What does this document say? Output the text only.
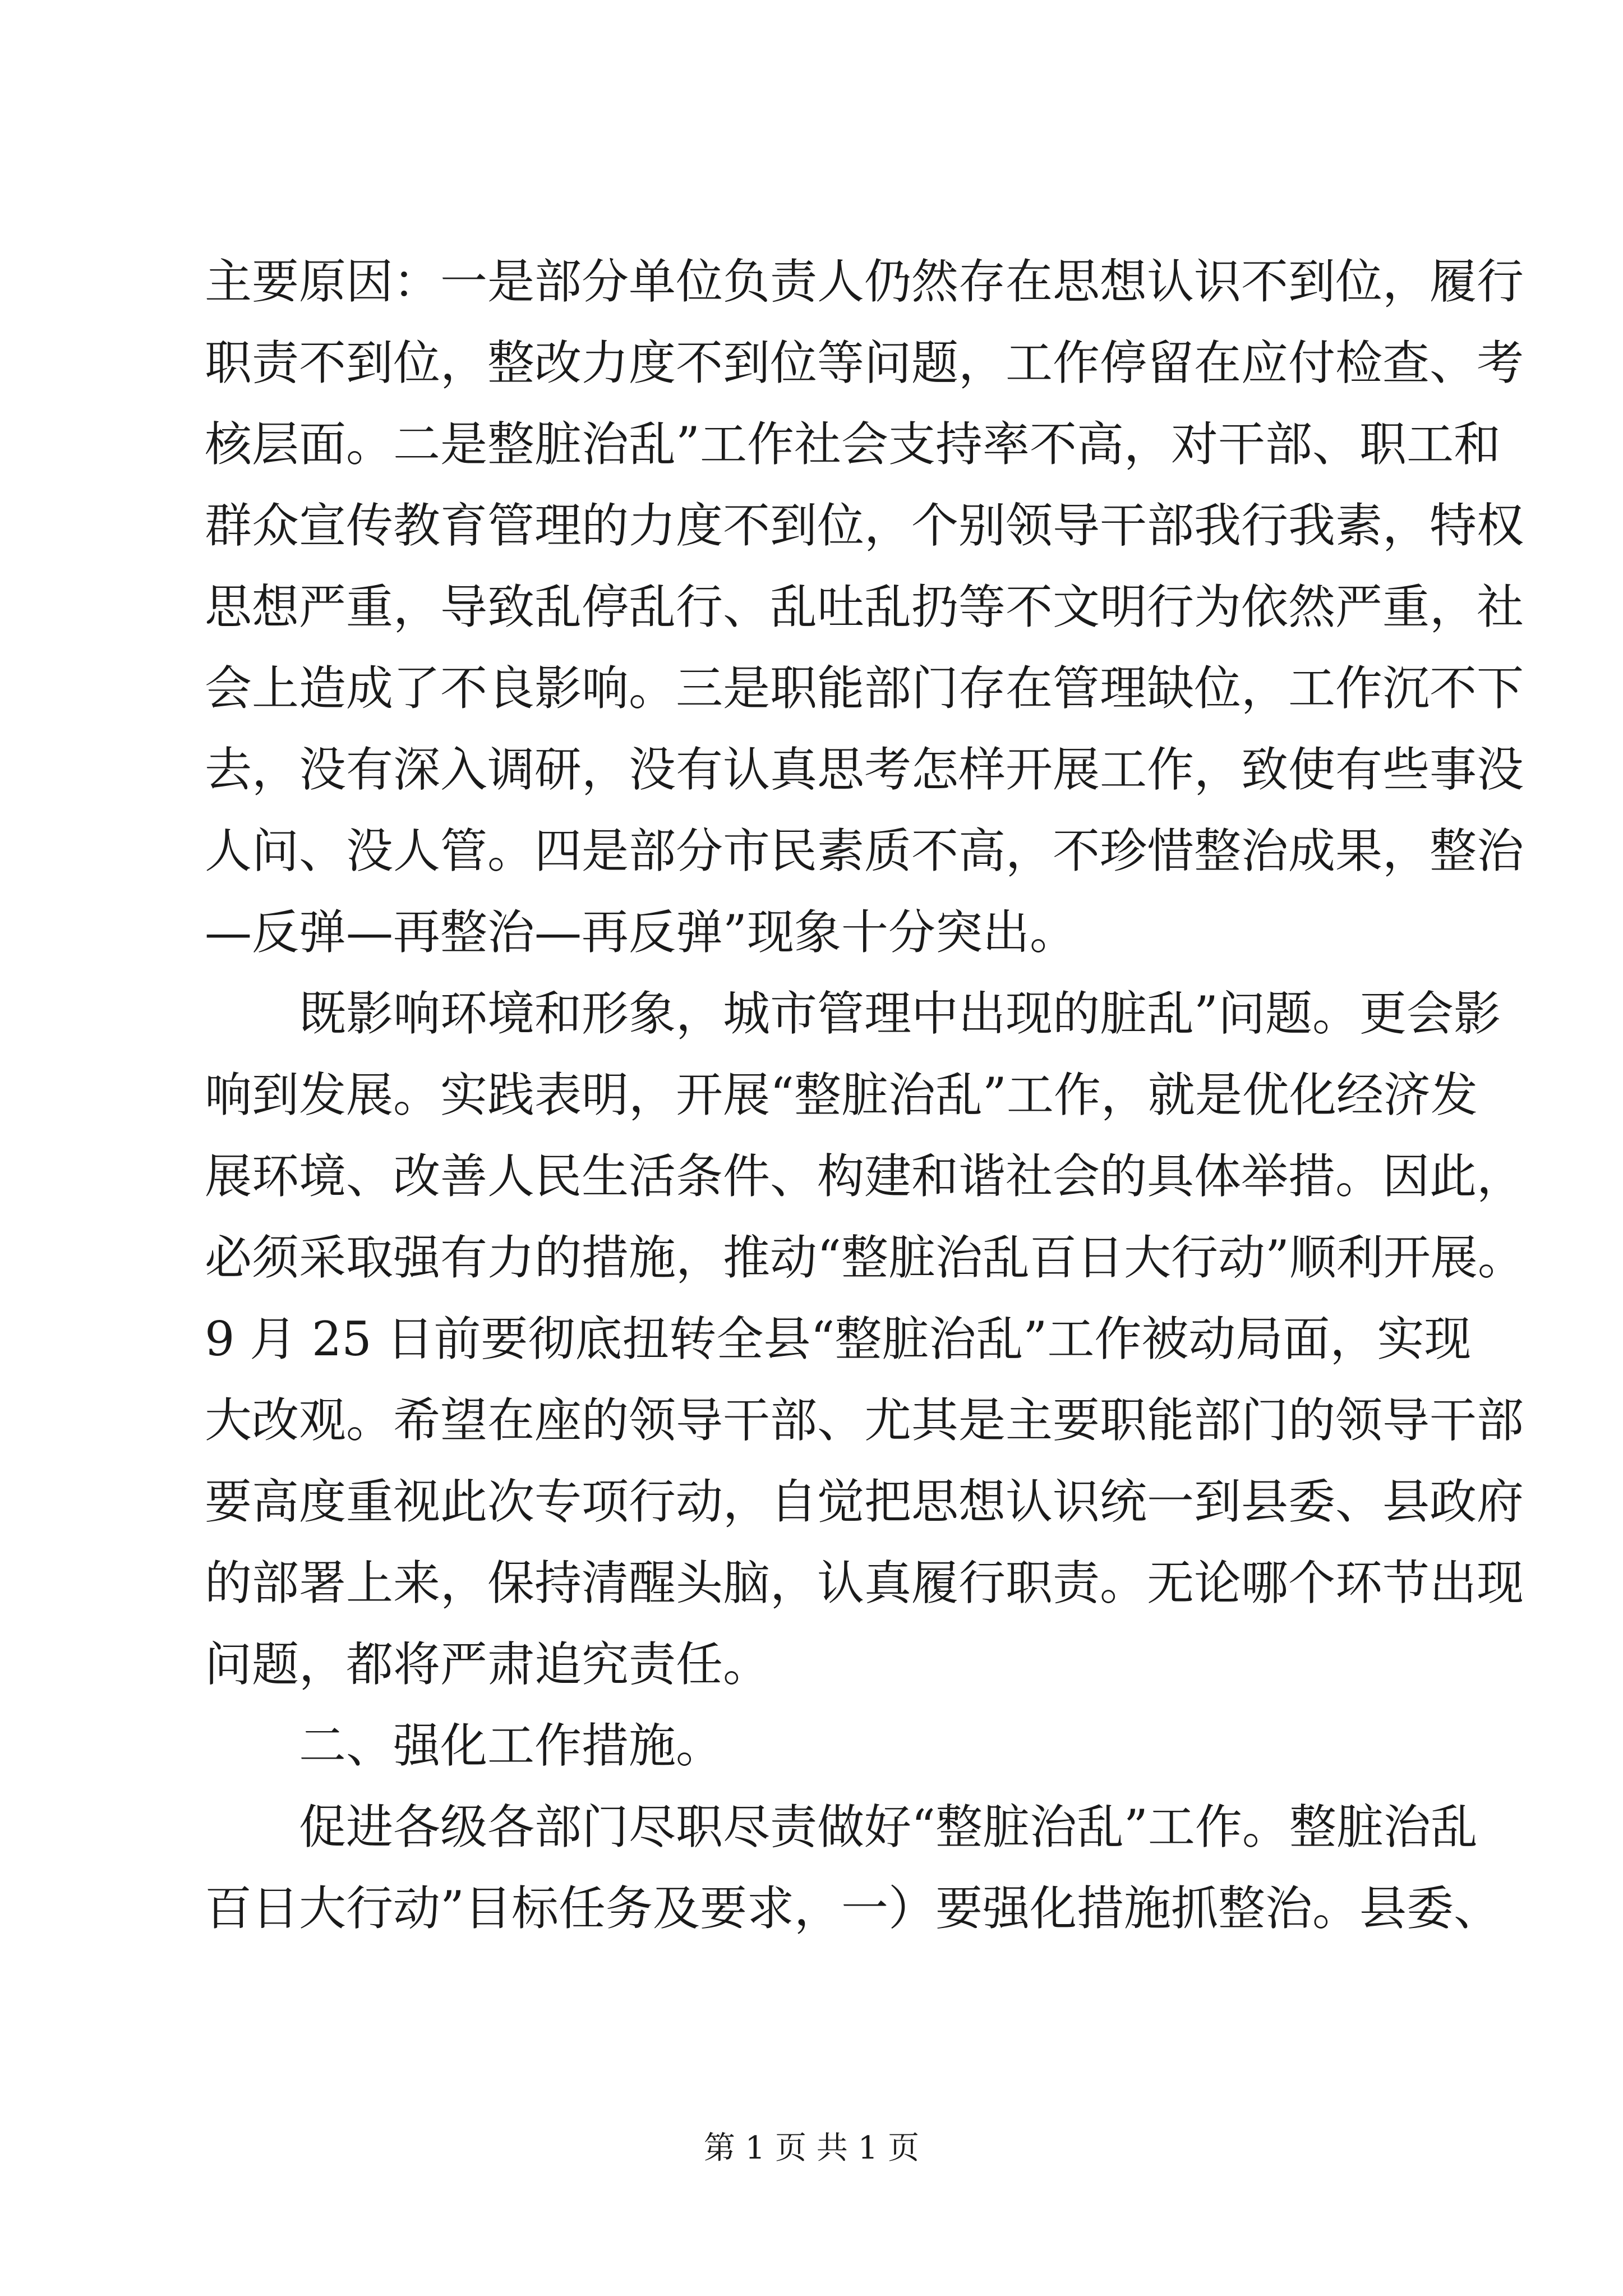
主要原因：一是部分单位负责人仍然存在思想认识不到位，履行
职责不到位，整改力度不到位等问题，工作停留在应付检查、考
核层面。二是整脏治乱”工作社会支持率不高，对干部、职工和
群众宣传教育管理的力度不到位，个别领导干部我行我素，特权
思想严重，导致乱停乱行、乱吐乱扔等不文明行为依然严重，社
会上造成了不良影响。三是职能部门存在管理缺位，工作沉不下
去，没有深入调研，没有认真思考怎样开展工作，致使有些事没
人问、没人管。四是部分市民素质不高，不珍惜整治成果，整治
—反弹—再整治—再反弹”现象十分突出。
既影响环境和形象，城市管理中出现的脏乱”问题。更会影
响到发展。实践表明，开展“整脏治乱”工作，就是优化经济发
展环境、改善人民生活条件、构建和谐社会的具体举措。因此，
必须采取强有力的措施，推动“整脏治乱百日大行动”顺利开展。
9 月 25 日前要彻底扭转全县“整脏治乱”工作被动局面，实现
大改观。希望在座的领导干部、尤其是主要职能部门的领导干部
要高度重视此次专项行动，自觉把思想认识统一到县委、县政府
的部署上来，保持清醒头脑，认真履行职责。无论哪个环节出现
问题，都将严肃追究责任。
二、强化工作措施。
促进各级各部门尽职尽责做好“整脏治乱”工作。整脏治乱
百日大行动”目标任务及要求，一）要强化措施抓整治。县委、
第 1 页 共 1 页
